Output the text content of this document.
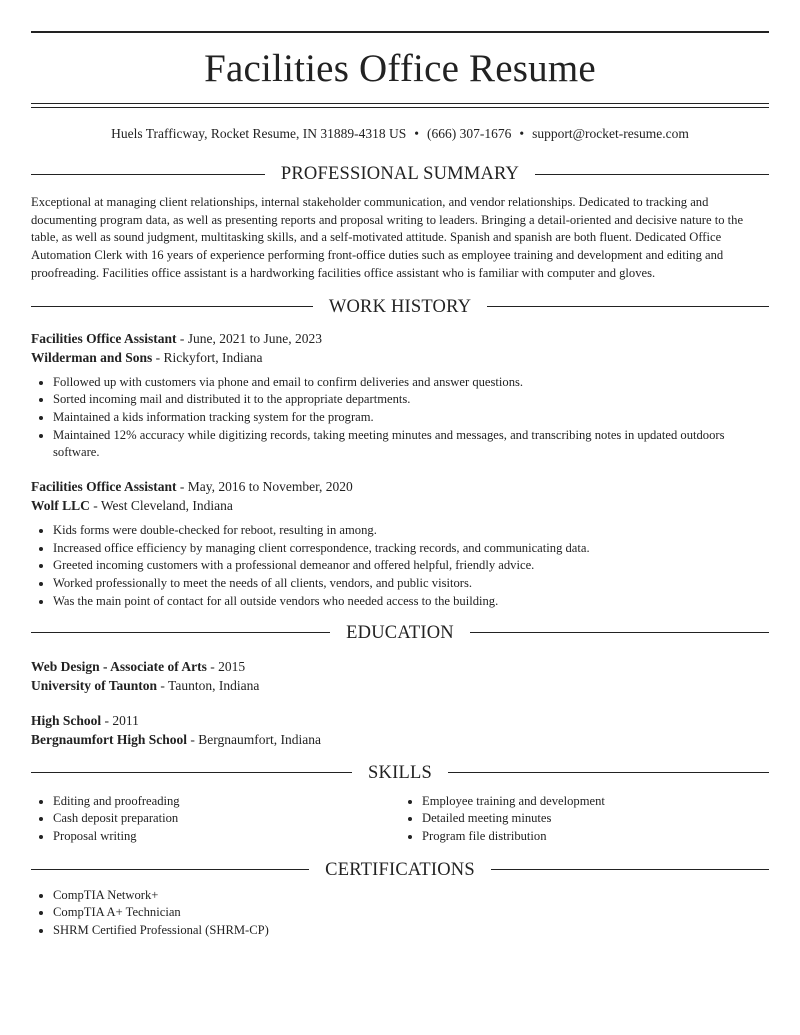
Facilities Office Resume
Huels Trafficway, Rocket Resume, IN 31889-4318 US • (666) 307-1676 • support@rocket-resume.com
PROFESSIONAL SUMMARY

Exceptional at managing client relationships, internal stakeholder communication, and vendor relationships. Dedicated to tracking and documenting program data, as well as presenting reports and proposal writing to leaders. Bringing a detail-oriented and decisive nature to the table, as well as sound judgment, multitasking skills, and a self-motivated attitude. Spanish and spanish are both fluent. Dedicated Office Automation Clerk with 16 years of experience performing front-office duties such as employee training and development and editing and proofreading. Facilities office assistant is a hardworking facilities office assistant who is familiar with computer and gloves.

WORK HISTORY
Facilities Office Assistant - June, 2021 to June, 2023
Wilderman and Sons - Rickyfort, Indiana
• Followed up with customers via phone and email to confirm deliveries and answer questions.
• Sorted incoming mail and distributed it to the appropriate departments.
• Maintained a kids information tracking system for the program.
• Maintained 12% accuracy while digitizing records, taking meeting minutes and messages, and transcribing notes in updated outdoors software.
Facilities Office Assistant - May, 2016 to November, 2020
Wolf LLC - West Cleveland, Indiana
• Kids forms were double-checked for reboot, resulting in among.
• Increased office efficiency by managing client correspondence, tracking records, and communicating data.
• Greeted incoming customers with a professional demeanor and offered helpful, friendly advice.
• Worked professionally to meet the needs of all clients, vendors, and public visitors.
• Was the main point of contact for all outside vendors who needed access to the building.
EDUCATION
Web Design - Associate of Arts - 2015
University of Taunton - Taunton, Indiana
High School - 2011
Bergnaumfort High School - Bergnaumfort, Indiana
SKILLS
• Editing and proofreading
• Cash deposit preparation
• Proposal writing
• Employee training and development
• Detailed meeting minutes
• Program file distribution
CERTIFICATIONS
• CompTIA Network+
• CompTIA A+ Technician
• SHRM Certified Professional (SHRM-CP)
